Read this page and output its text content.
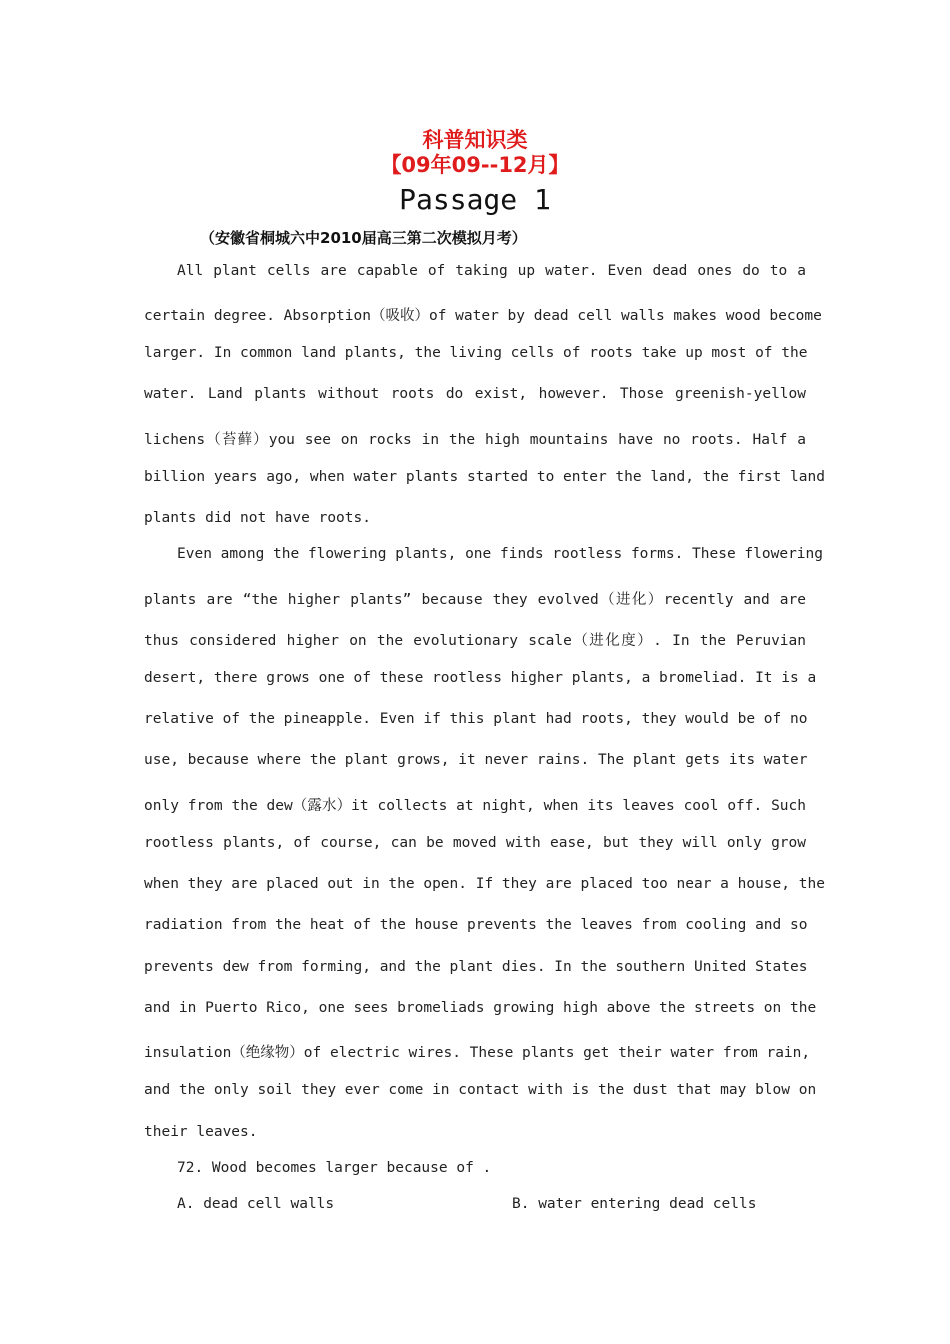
科普知识类
【09年09--12月】
Passage 1
（安徽省桐城六中2010届高三第二次模拟月考）
All plant cells are capable of taking up water. Even dead ones do to a
certain degree. Absorption（吸收）of water by dead cell walls makes wood become
larger. In common land plants, the living cells of roots take up most of the
water. Land plants without roots do exist, however. Those greenish-yellow
lichens（苔藓）you see on rocks in the high mountains have no roots. Half a
billion years ago, when water plants started to enter the land, the first land
plants did not have roots.
Even among the flowering plants, one finds rootless forms. These flowering
plants are “the higher plants” because they evolved（进化）recently and are
thus considered higher on the evolutionary scale（进化度）. In the Peruvian
desert, there grows one of these rootless higher plants, a bromeliad. It is a
relative of the pineapple. Even if this plant had roots, they would be of no
use, because where the plant grows, it never rains. The plant gets its water
only from the dew（露水）it collects at night, when its leaves cool off. Such
rootless plants, of course, can be moved with ease, but they will only grow
when they are placed out in the open. If they are placed too near a house, the
radiation from the heat of the house prevents the leaves from cooling and so
prevents dew from forming, and the plant dies. In the southern United States
and in Puerto Rico, one sees bromeliads growing high above the streets on the
insulation（绝缘物）of electric wires. These plants get their water from rain,
and the only soil they ever come in contact with is the dust that may blow on
their leaves.
72. Wood becomes larger because of .
A. dead cell walls	B. water entering dead cells
